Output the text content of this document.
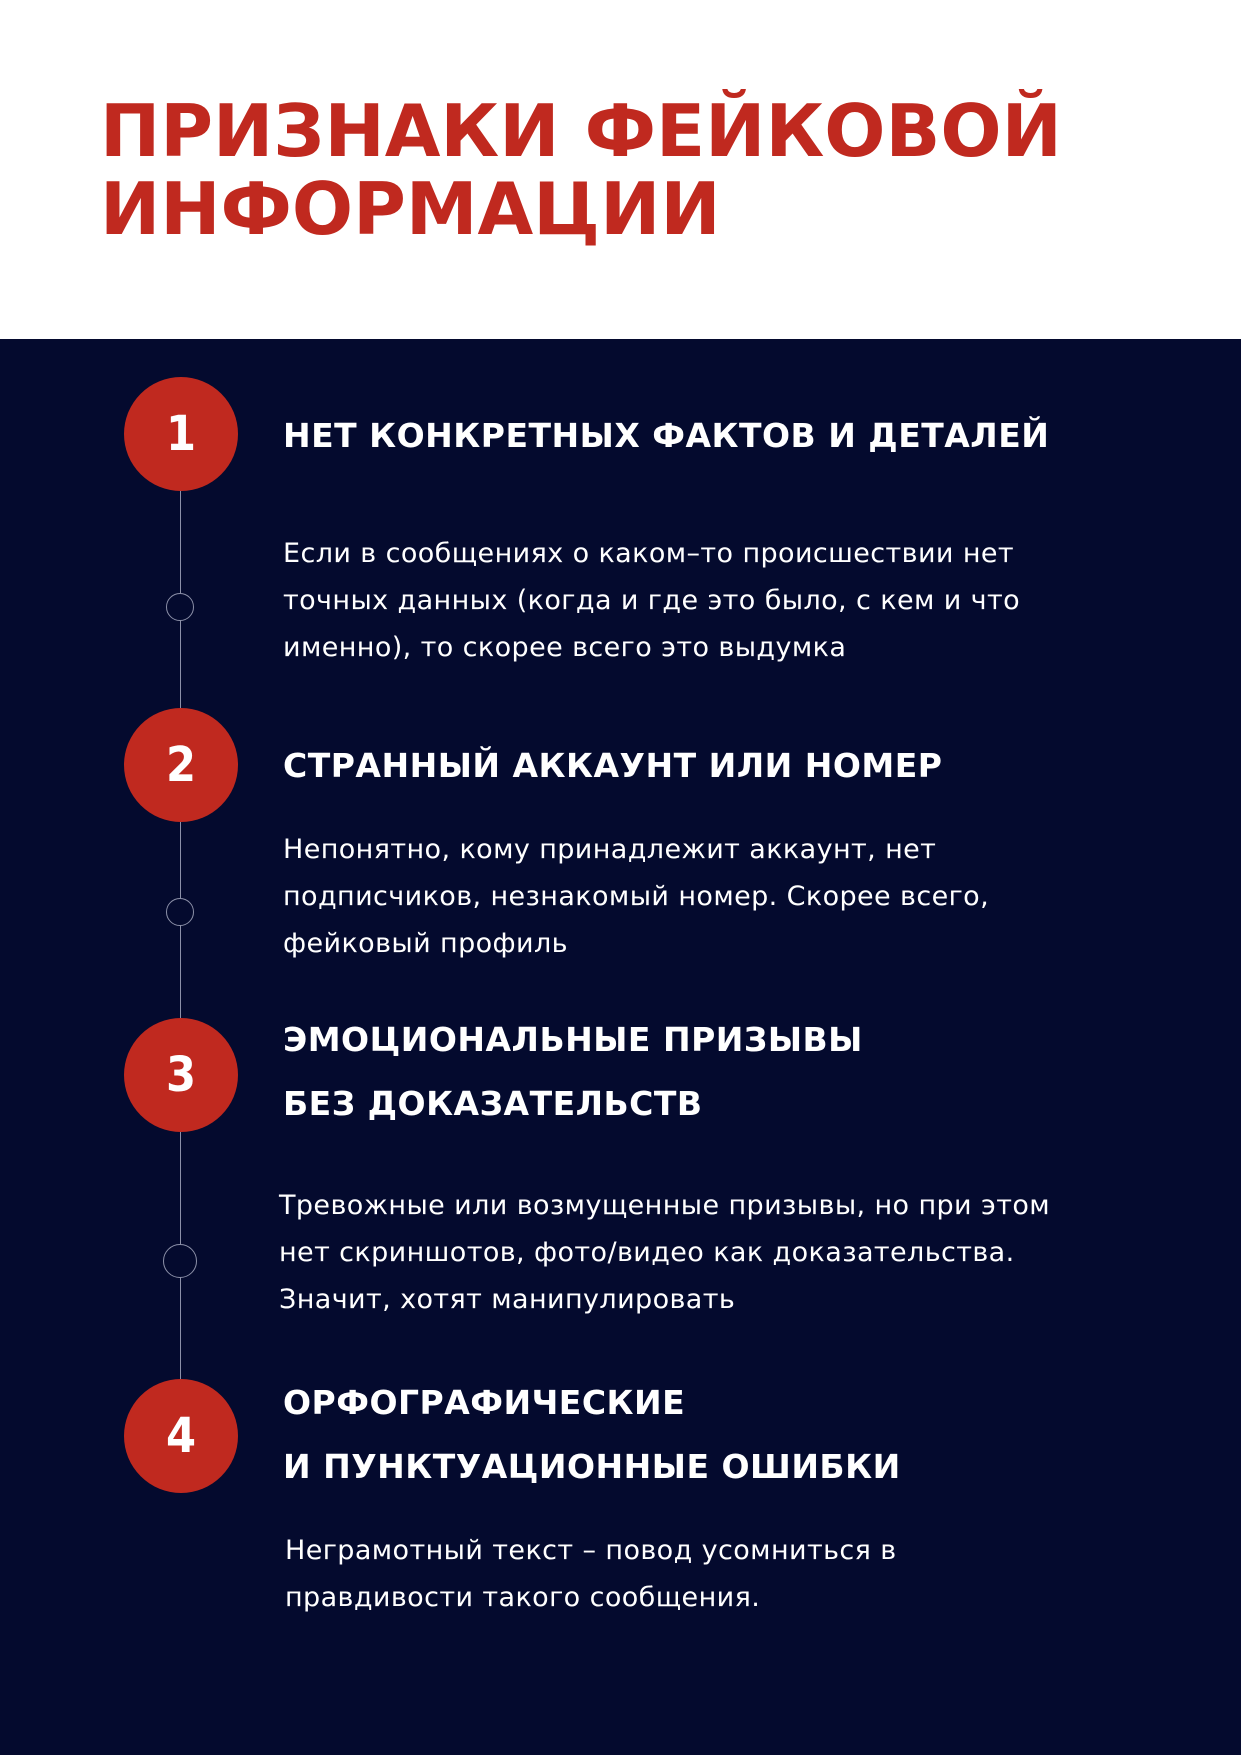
ПРИЗНАКИ ФЕЙКОВОЙ
ИНФОРМАЦИИ
1	НЕТ КОНКРЕТНЫХ ФАКТОВ И ДЕТАЛЕЙ

Если в сообщениях о каком–то происшествии нет
точных данных (когда и где это было, с кем и что
именно), то скорее всего это выдумка

2	СТРАННЫЙ АККАУНТ ИЛИ НОМЕР

Непонятно, кому принадлежит аккаунт, нет
подписчиков, незнакомый номер. Скорее всего,
фейковый профиль

3
ЭМОЦИОНАЛЬНЫЕ ПРИЗЫВЫ
БЕЗ ДОКАЗАТЕЛЬСТВ

Тревожные или возмущенные призывы, но при этом
нет скриншотов, фото/видео как доказательства.
Значит, хотят манипулировать

4
ОРФОГРАФИЧЕСКИЕ
И ПУНКТУАЦИОННЫЕ ОШИБКИ

Неграмотный текст – повод усомниться в
правдивости такого сообщения.
